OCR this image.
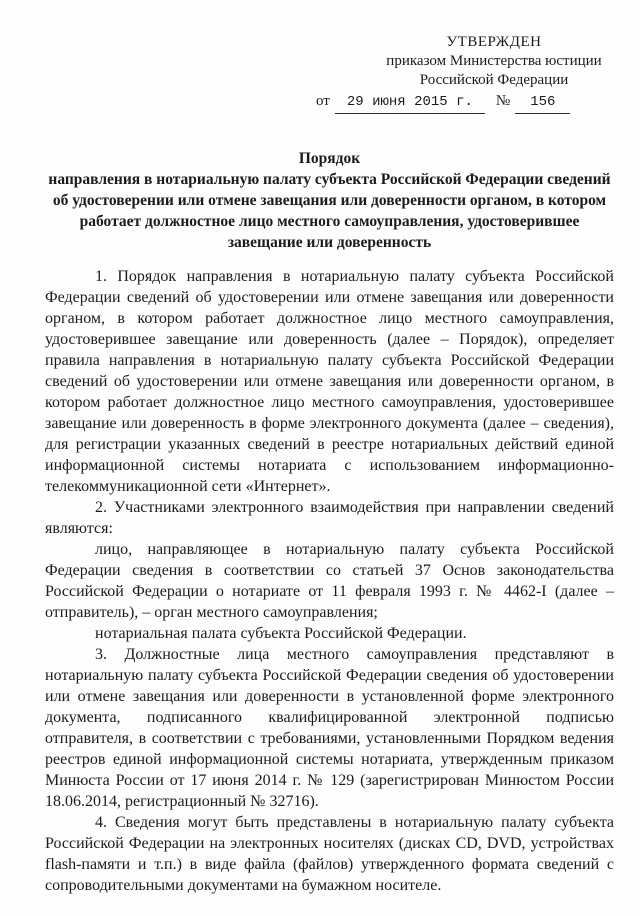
УТВЕРЖДЕН
приказом Министерства юстиции
Российской Федерации
от	29 июня 2015 г.	№	156
Порядок
направления в нотариальную палату субъекта Российской Федерации сведений об удостоверении или отмене завещания или доверенности органом, в котором работает должностное лицо местного самоуправления, удостоверившее завещание или доверенность

1. Порядок направления в нотариальную палату субъекта Российской Федерации сведений об удостоверении или отмене завещания или доверенности органом, в котором работает должностное лицо местного самоуправления, удостоверившее завещание или доверенность (далее – Порядок), определяет правила направления в нотариальную палату субъекта Российской Федерации сведений об удостоверении или отмене завещания или доверенности органом, в котором работает должностное лицо местного самоуправления, удостоверившее завещание или доверенность в форме электронного документа (далее – сведения), для регистрации указанных сведений в реестре нотариальных действий единой информационной системы нотариата с использованием информационно-телекоммуникационной сети «Интернет».

2. Участниками электронного взаимодействия при направлении сведений являются:

лицо, направляющее в нотариальную палату субъекта Российской Федерации сведения в соответствии со статьей 37 Основ законодательства Российской Федерации о нотариате от 11 февраля 1993 г. № 4462-I (далее – отправитель), – орган местного самоуправления;

нотариальная палата субъекта Российской Федерации.

3. Должностные лица местного самоуправления представляют в нотариальную палату субъекта Российской Федерации сведения об удостоверении или отмене завещания или доверенности в установленной форме электронного документа, подписанного квалифицированной электронной подписью отправителя, в соответствии с требованиями, установленными Порядком ведения реестров единой информационной системы нотариата, утвержденным приказом Минюста России от 17 июня 2014 г. № 129 (зарегистрирован Минюстом России 18.06.2014, регистрационный № 32716).

4. Сведения могут быть представлены в нотариальную палату субъекта Российской Федерации на электронных носителях (дисках CD, DVD, устройствах flash-памяти и т.п.) в виде файла (файлов) утвержденного формата сведений с сопроводительными документами на бумажном носителе.
